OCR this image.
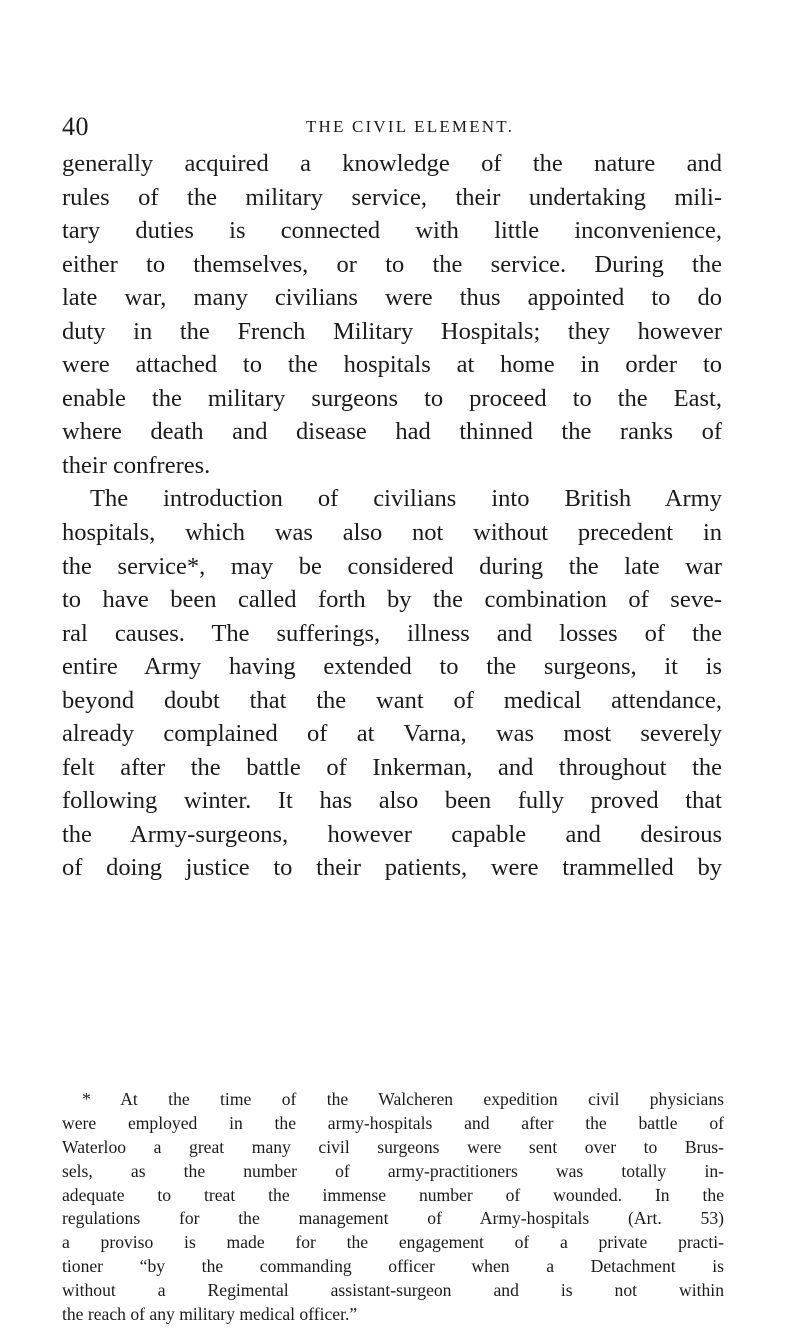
40	THE CIVIL ELEMENT.
generally acquired a knowledge of the nature and
rules of the military service, their undertaking mili-
tary duties is connected with little inconvenience,
either to themselves, or to the service. During the
late war, many civilians were thus appointed to do
duty in the French Military Hospitals; they however
were attached to the hospitals at home in order to
enable the military surgeons to proceed to the East,
where death and disease had thinned the ranks of
their confreres.
The introduction of civilians into British Army
hospitals, which was also not without precedent in
the service*, may be considered during the late war
to have been called forth by the combination of seve-
ral causes. The sufferings, illness and losses of the
entire Army having extended to the surgeons, it is
beyond doubt that the want of medical attendance,
already complained of at Varna, was most severely
felt after the battle of Inkerman, and throughout the
following winter. It has also been fully proved that
the Army-surgeons, however capable and desirous
of doing justice to their patients, were trammelled by
* At the time of the Walcheren expedition civil physicians
were employed in the army-hospitals and after the battle of
Waterloo a great many civil surgeons were sent over to Brus-
sels, as the number of army-practitioners was totally in-
adequate to treat the immense number of wounded. In the
regulations for the management of Army-hospitals (Art. 53)
a proviso is made for the engagement of a private practi-
tioner “by the commanding officer when a Detachment is
without a Regimental assistant-surgeon and is not within
the reach of any military medical officer.”
